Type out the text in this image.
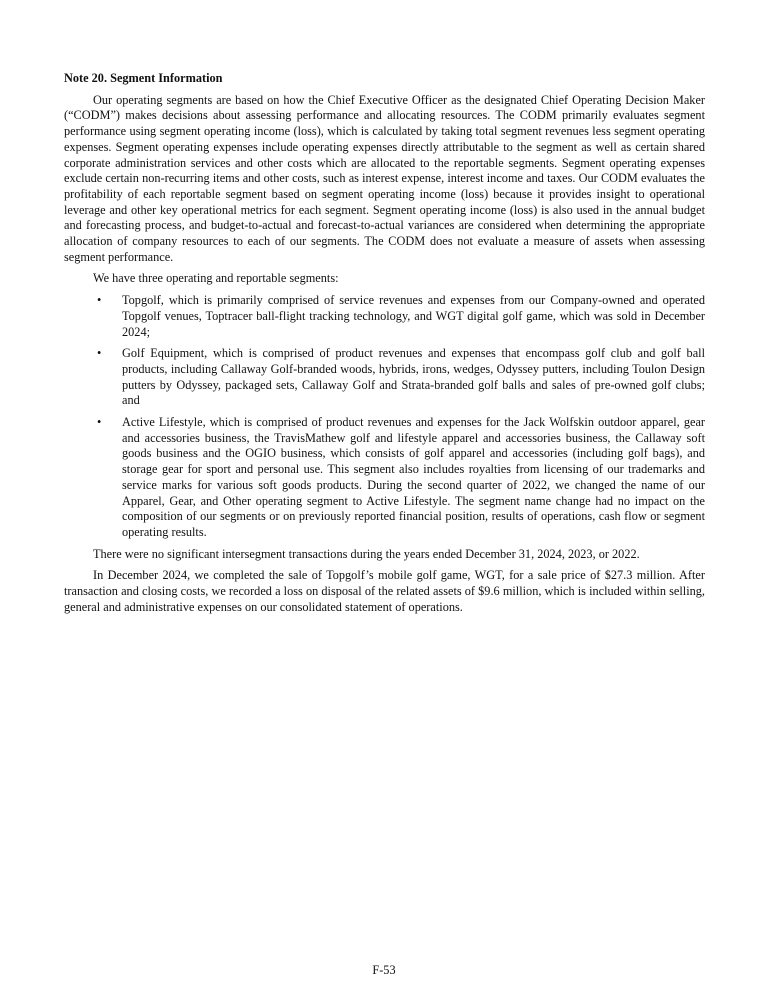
Note 20. Segment Information

Our operating segments are based on how the Chief Executive Officer as the designated Chief Operating Decision Maker (“CODM”) makes decisions about assessing performance and allocating resources. The CODM primarily evaluates segment performance using segment operating income (loss), which is calculated by taking total segment revenues less segment operating expenses. Segment operating expenses include operating expenses directly attributable to the segment as well as certain shared corporate administration services and other costs which are allocated to the reportable segments. Segment operating expenses exclude certain non-recurring items and other costs, such as interest expense, interest income and taxes. Our CODM evaluates the profitability of each reportable segment based on segment operating income (loss) because it provides insight to operational leverage and other key operational metrics for each segment. Segment operating income (loss) is also used in the annual budget and forecasting process, and budget-to-actual and forecast-to-actual variances are considered when determining the appropriate allocation of company resources to each of our segments. The CODM does not evaluate a measure of assets when assessing segment performance.

We have three operating and reportable segments:

• Topgolf, which is primarily comprised of service revenues and expenses from our Company-owned and operated Topgolf venues, Toptracer ball-flight tracking technology, and WGT digital golf game, which was sold in December 2024;
• Golf Equipment, which is comprised of product revenues and expenses that encompass golf club and golf ball products, including Callaway Golf-branded woods, hybrids, irons, wedges, Odyssey putters, including Toulon Design putters by Odyssey, packaged sets, Callaway Golf and Strata-branded golf balls and sales of pre-owned golf clubs; and
• Active Lifestyle, which is comprised of product revenues and expenses for the Jack Wolfskin outdoor apparel, gear and accessories business, the TravisMathew golf and lifestyle apparel and accessories business, the Callaway soft goods business and the OGIO business, which consists of golf apparel and accessories (including golf bags), and storage gear for sport and personal use. This segment also includes royalties from licensing of our trademarks and service marks for various soft goods products. During the second quarter of 2022, we changed the name of our Apparel, Gear, and Other operating segment to Active Lifestyle. The segment name change had no impact on the composition of our segments or on previously reported financial position, results of operations, cash flow or segment operating results.

There were no significant intersegment transactions during the years ended December 31, 2024, 2023, or 2022.

In December 2024, we completed the sale of Topgolf’s mobile golf game, WGT, for a sale price of $27.3 million. After transaction and closing costs, we recorded a loss on disposal of the related assets of $9.6 million, which is included within selling, general and administrative expenses on our consolidated statement of operations.

F-53
